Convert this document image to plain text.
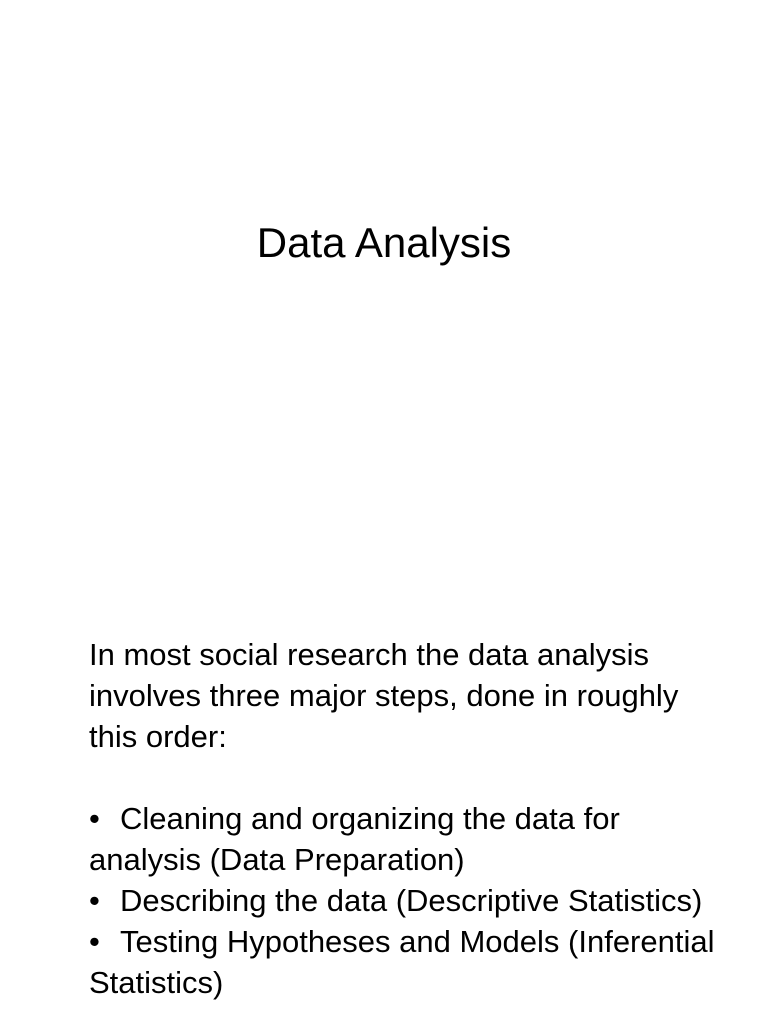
Data Analysis

In most social research the data analysis involves three major steps, done in roughly this order:

• Cleaning and organizing the data for analysis (Data Preparation)

• Describing the data (Descriptive Statistics)

• Testing Hypotheses and Models (Inferential Statistics)
